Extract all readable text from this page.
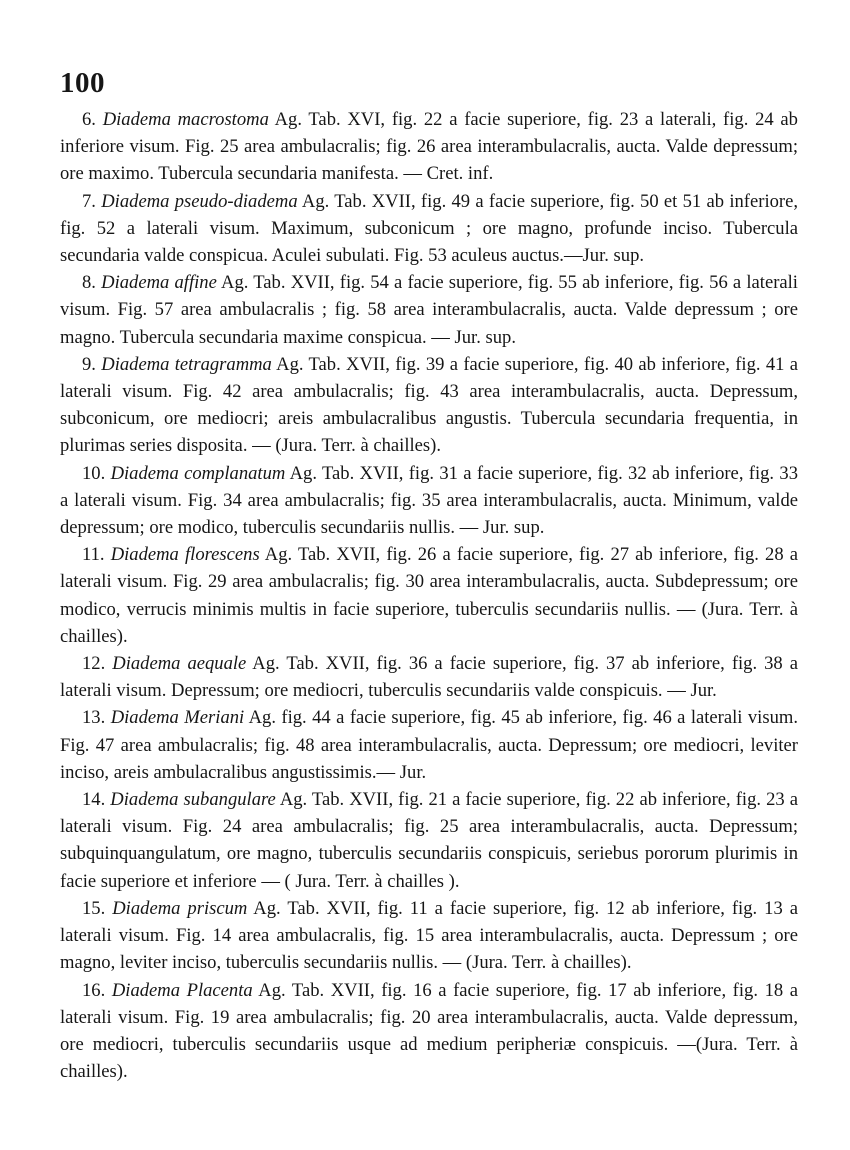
100

6. Diadema macrostoma Ag. Tab. XVI, fig. 22 a facie superiore, fig. 23 a laterali, fig. 24 ab inferiore visum. Fig. 25 area ambulacralis; fig. 26 area interambulacralis, aucta. Valde depressum; ore maximo. Tubercula secundaria manifesta. — Cret. inf.

7. Diadema pseudo-diadema Ag. Tab. XVII, fig. 49 a facie superiore, fig. 50 et 51 ab inferiore, fig. 52 a laterali visum. Maximum, subconicum ; ore magno, profunde inciso. Tubercula secundaria valde conspicua. Aculei subulati. Fig. 53 aculeus auctus.—Jur. sup.

8. Diadema affine Ag. Tab. XVII, fig. 54 a facie superiore, fig. 55 ab inferiore, fig. 56 a laterali visum. Fig. 57 area ambulacralis ; fig. 58 area interambulacralis, aucta. Valde depressum ; ore magno. Tubercula secundaria maxime conspicua. — Jur. sup.

9. Diadema tetragramma Ag. Tab. XVII, fig. 39 a facie superiore, fig. 40 ab inferiore, fig. 41 a laterali visum. Fig. 42 area ambulacralis; fig. 43 area interambulacralis, aucta. Depressum, subconicum, ore mediocri; areis ambulacralibus angustis. Tubercula secundaria frequentia, in plurimas series disposita. — (Jura. Terr. à chailles).

10. Diadema complanatum Ag. Tab. XVII, fig. 31 a facie superiore, fig. 32 ab inferiore, fig. 33 a laterali visum. Fig. 34 area ambulacralis; fig. 35 area interambulacralis, aucta. Minimum, valde depressum; ore modico, tuberculis secundariis nullis. — Jur. sup.

11. Diadema florescens Ag. Tab. XVII, fig. 26 a facie superiore, fig. 27 ab inferiore, fig. 28 a laterali visum. Fig. 29 area ambulacralis; fig. 30 area interambulacralis, aucta. Subdepressum; ore modico, verrucis minimis multis in facie superiore, tuberculis secundariis nullis. — (Jura. Terr. à chailles).

12. Diadema aequale Ag. Tab. XVII, fig. 36 a facie superiore, fig. 37 ab inferiore, fig. 38 a laterali visum. Depressum; ore mediocri, tuberculis secundariis valde conspicuis. — Jur.

13. Diadema Meriani Ag. fig. 44 a facie superiore, fig. 45 ab inferiore, fig. 46 a laterali visum. Fig. 47 area ambulacralis; fig. 48 area interambulacralis, aucta. Depressum; ore mediocri, leviter inciso, areis ambulacralibus angustissimis.— Jur.

14. Diadema subangulare Ag. Tab. XVII, fig. 21 a facie superiore, fig. 22 ab inferiore, fig. 23 a laterali visum. Fig. 24 area ambulacralis; fig. 25 area interambulacralis, aucta. Depressum; subquinquangulatum, ore magno, tuberculis secundariis conspicuis, seriebus pororum plurimis in facie superiore et inferiore — ( Jura. Terr. à chailles ).

15. Diadema priscum Ag. Tab. XVII, fig. 11 a facie superiore, fig. 12 ab inferiore, fig. 13 a laterali visum. Fig. 14 area ambulacralis, fig. 15 area interambulacralis, aucta. Depressum ; ore magno, leviter inciso, tuberculis secundariis nullis. — (Jura. Terr. à chailles).

16. Diadema Placenta Ag. Tab. XVII, fig. 16 a facie superiore, fig. 17 ab inferiore, fig. 18 a laterali visum. Fig. 19 area ambulacralis; fig. 20 area interambulacralis, aucta. Valde depressum, ore mediocri, tuberculis secundariis usque ad medium peripheriæ conspicuis. —(Jura. Terr. à chailles).
